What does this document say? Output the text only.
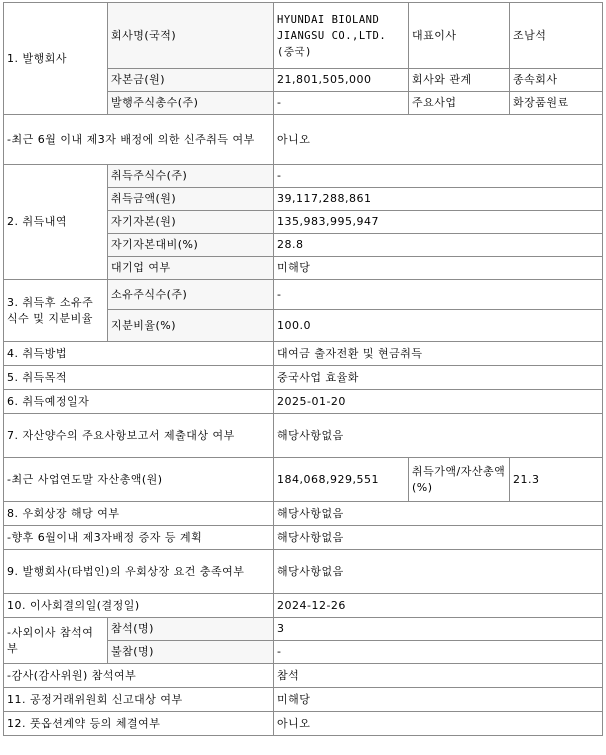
1. 발행회사	회사명(국적)	HYUNDAI BIOLAND
JIANGSU CO.,LTD.
(중국)	대표이사	조남석
	자본금(원)	21,801,505,000	회사와 관계	종속회사
	발행주식총수(주)	-	주요사업	화장품원료
-최근 6월 이내 제3자 배정에 의한 신주취득 여부		아니오		
2. 취득내역	취득주식수(주)	-		
	취득금액(원)	39,117,288,861		
	자기자본(원)	135,983,995,947		
	자기자본대비(%)	28.8		
	대기업 여부	미해당		
3. 취득후 소유주식수 및 지분비율	소유주식수(주)	-		
	지분비율(%)	100.0		
4. 취득방법		대여금 출자전환 및 현금취득		
5. 취득목적		중국사업 효율화		
6. 취득예정일자		2025-01-20		
7. 자산양수의 주요사항보고서 제출대상 여부		해당사항없음		
-최근 사업연도말 자산총액(원)		184,068,929,551	취득가액/자산총액(%)	21.3
8. 우회상장 해당 여부		해당사항없음		
-향후 6월이내 제3자배정 증자 등 계획		해당사항없음		
9. 발행회사(타법인)의 우회상장 요건 충족여부		해당사항없음		
10. 이사회결의일(결정일)		2024-12-26		
-사외이사 참석여부	참석(명)	3		
	불참(명)	-		
-감사(감사위원) 참석여부		참석		
11. 공정거래위원회 신고대상 여부		미해당		
12. 풋옵션계약 등의 체결여부		아니오		
